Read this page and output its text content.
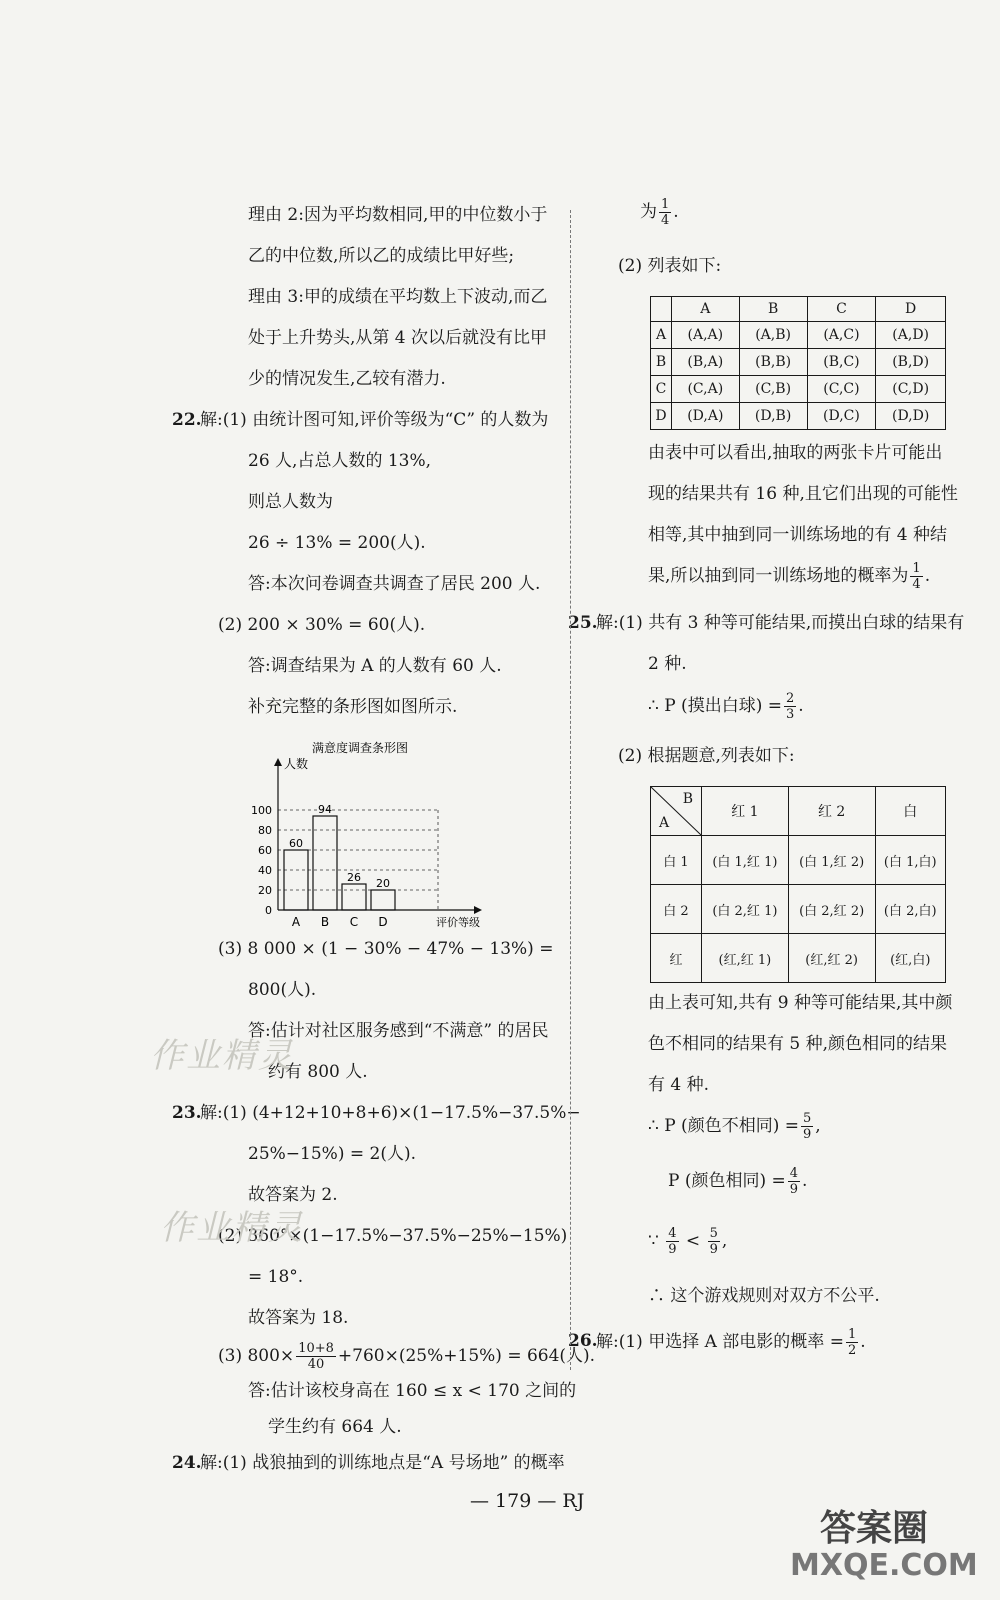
理由 2:因为平均数相同,甲的中位数小于
乙的中位数,所以乙的成绩比甲好些;
理由 3:甲的成绩在平均数上下波动,而乙
处于上升势头,从第 4 次以后就没有比甲
少的情况发生,乙较有潜力.
22.
解:(1) 由统计图可知,评价等级为“C” 的人数为
26 人,占总人数的 13%,
则总人数为
26 ÷ 13% = 200(人).
答:本次问卷调查共调查了居民 200 人.
(2) 200 × 30% = 60(人).
答:调查结果为 A 的人数有 60 人.
补充完整的条形图如图所示.
满意度调查条形图
人数
0
20
40
60
80
100
评价等级
60
A
94
B
26
C
20
D
(3) 8 000 × (1 − 30% − 47% − 13%) =
800(人).
答:估计对社区服务感到“不满意” 的居民
约有 800 人.
23.
解:(1) (4+12+10+8+6)×(1−17.5%−37.5%−
25%−15%) = 2(人).
故答案为 2.
(2) 360°×(1−17.5%−37.5%−25%−15%)
= 18°.
故答案为 18.
(3) $800\times \frac{10+8}{40} +760\times(25\%+15\%) = 664$(人).
为 $\frac{1}{4}$ .
(2) 列表如下:
	A	B	C	D
A	(A,A)	(A,B)	(A,C)	(A,D)
B	(B,A)	(B,B)	(B,C)	(B,D)
C	(C,A)	(C,B)	(C,C)	(C,D)
D	(D,A)	(D,B)	(D,C)	(D,D)
由表中可以看出,抽取的两张卡片可能出
现的结果共有 16 种,且它们出现的可能性
相等,其中抽到同一训练场地的有 4 种结
果,所以抽到同一训练场地的概率为 $\frac{1}{4}$ .
25.
解:(1) 共有 3 种等可能结果,而摸出白球的结果有
2 种.
∴ P (摸出白球) = $\frac{2}{3}$ .
(2) 根据题意,列表如下:
B
A	红 1	红 2	白
白 1	(白 1,红 1)	(白 1,红 2)	(白 1,白)
白 2	(白 2,红 1)	(白 2,红 2)	(白 2,白)
红	(红,红 1)	(红,红 2)	(红,白)
由上表可知,共有 9 种等可能结果,其中颜
色不相同的结果有 5 种,颜色相同的结果
有 4 种.
∴ P (颜色不相同) = $\frac{5}{9}$ ,
P (颜色相同) = $\frac{4}{9}$ .
∵ $\frac{4}{9} < \frac{5}{9}$ ,
∴ 这个游戏规则对双方不公平.
26.
解:(1) 甲选择 A 部电影的概率 = $\frac{1}{2}$ .
作业精灵
作业精灵
答案圈
MXQE.COM
答:估计该校身高在 160 ≤ x < 170 之间的
学生约有 664 人.
24.
解:(1) 战狼抽到的训练地点是“A 号场地” 的概率
— 179 — RJ
